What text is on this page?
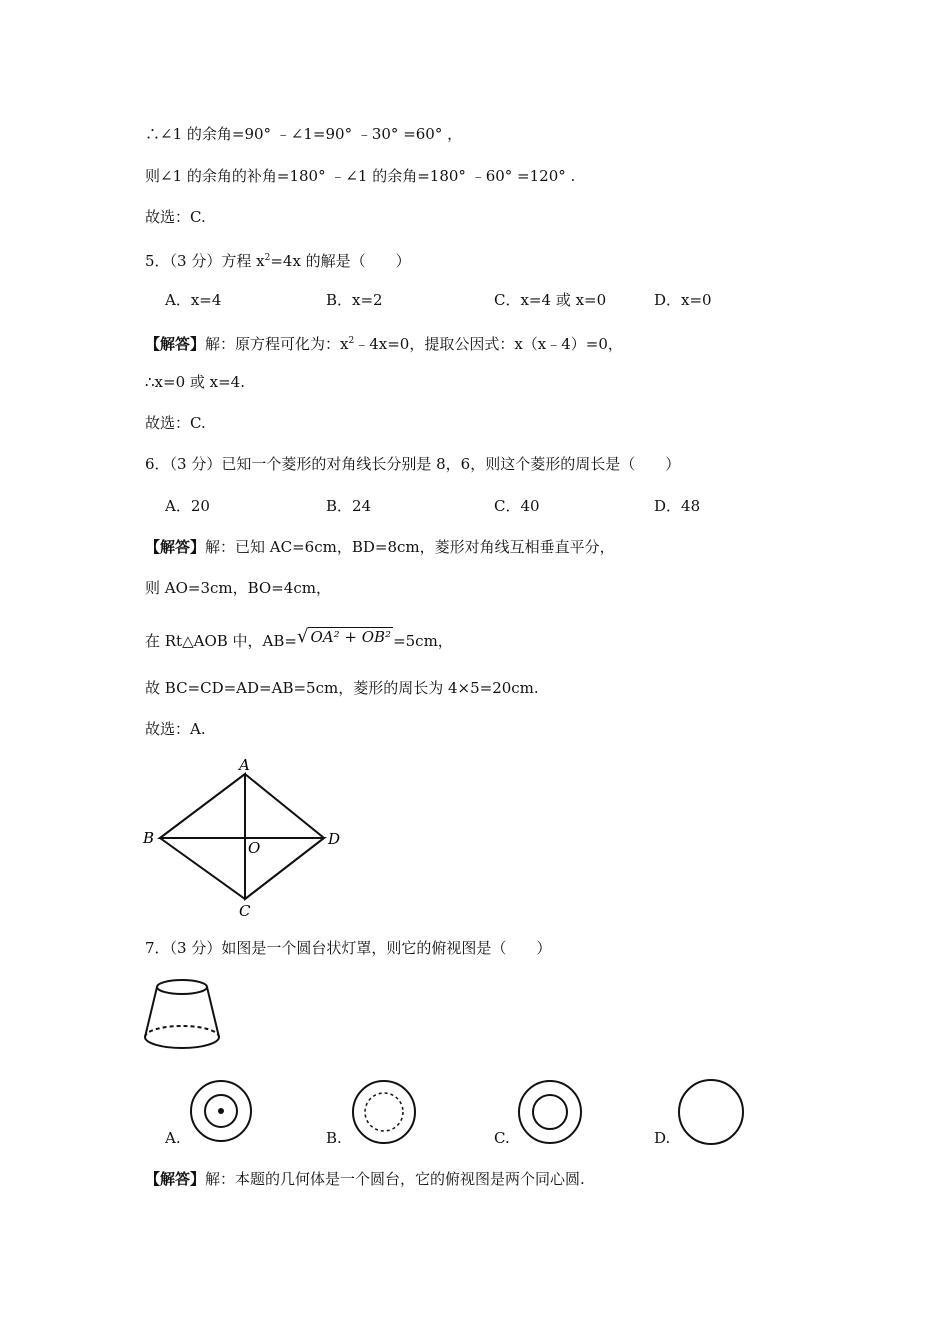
∴∠1 的余角=90° ﹣∠1=90° ﹣30° =60° ，
则∠1 的余角的补角=180° ﹣∠1 的余角=180° ﹣60° =120° .
故选：C.
5．（3 分）方程 $x^2=4x$ 的解是（　　）
A．x=4	B．x=2	C．x=4 或 x=0	D．x=0
【解答】解：原方程可化为：$x^2﹣4x=0$，提取公因式：x（x﹣4）=0，
∴x=0 或 x=4.
故选：C.
6．（3 分）已知一个菱形的对角线长分别是 8，6，则这个菱形的周长是（　　）
A．20	B．24	C．40	D．48
【解答】解：已知 AC=6cm，BD=8cm，菱形对角线互相垂直平分，
则 AO=3cm，BO=4cm，
在 Rt△AOB 中，AB=√ OA² + OB² =5cm，
故 BC=CD=AD=AB=5cm，菱形的周长为 4×5=20cm.
故选：A.
A
B	D
C
O
7．（3 分）如图是一个圆台状灯罩，则它的俯视图是（　　）
A.	B.	C.	D.
【解答】解：本题的几何体是一个圆台，它的俯视图是两个同心圆.
